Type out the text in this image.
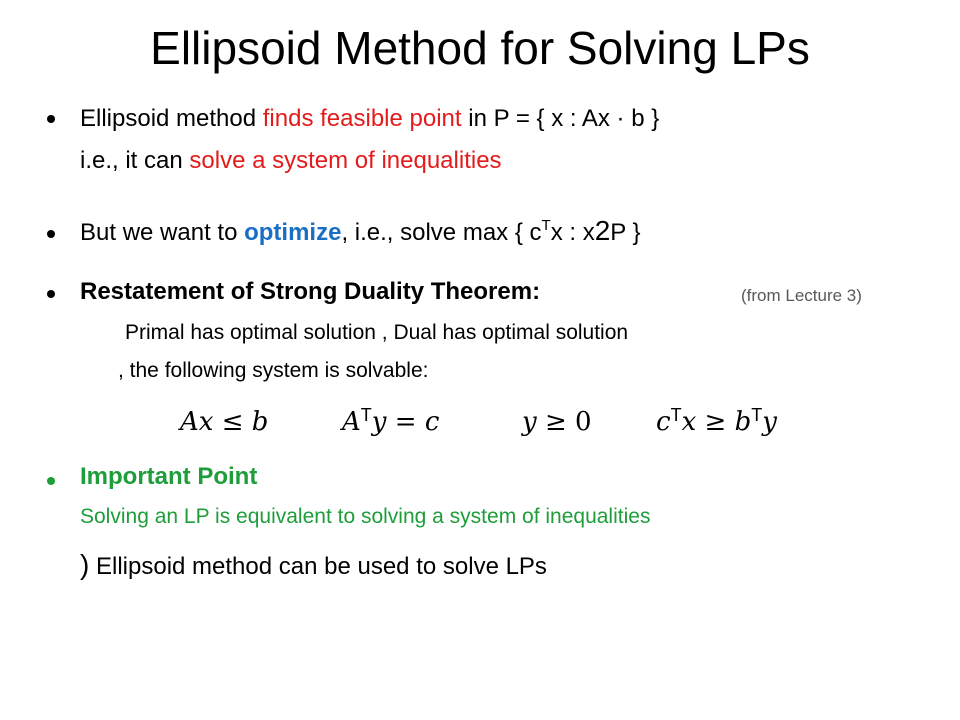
Ellipsoid Method for Solving LPs
Ellipsoid method finds feasible point in P = { x : Ax · b }
i.e., it can solve a system of inequalities
But we want to optimize, i.e., solve max { $c^Tx$ : x2P }
Restatement of Strong Duality Theorem:	(from Lecture 3)
Primal has optimal solution , Dual has optimal solution
, the following system is solvable:
Ax ≤ b	$A^Ty = c$	y ≥ 0 $c^Tx \ge b^Ty$
Important Point
Solving an LP is equivalent to solving a system of inequalities
) Ellipsoid method can be used to solve LPs
